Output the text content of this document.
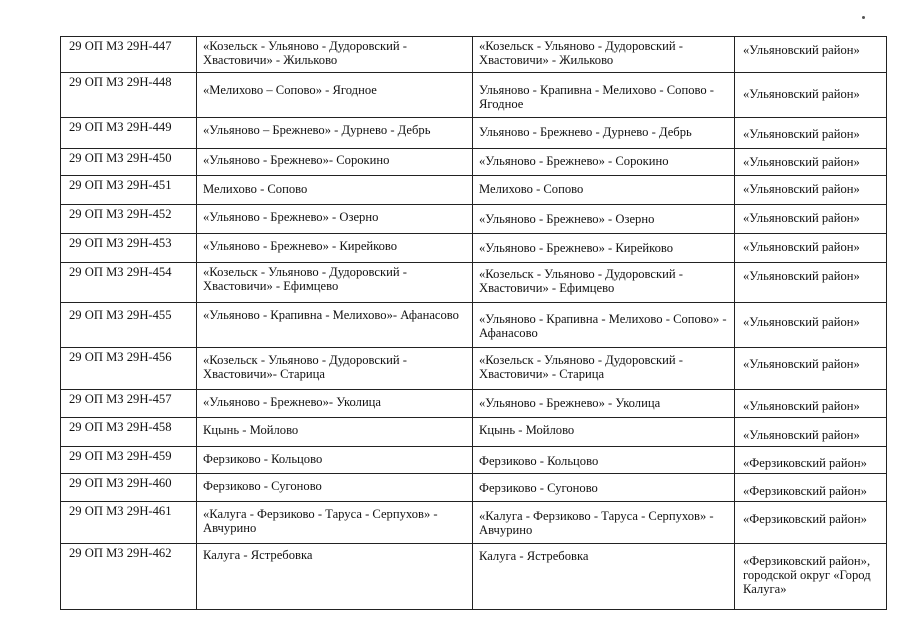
29 ОП МЗ 29Н-447	«Козельск - Ульяново - Дудоровский - Хвастовичи» - Жильково	«Козельск - Ульяново - Дудоровский - Хвастовичи» - Жильково	«Ульяновский район»
29 ОП МЗ 29Н-448	«Мелихово – Сопово» - Ягодное	Ульяново - Крапивна - Мелихово - Сопово - Ягодное	«Ульяновский район»
29 ОП МЗ 29Н-449	«Ульяново – Брежнево» - Дурнево - Дебрь	Ульяново - Брежнево - Дурнево - Дебрь	«Ульяновский район»
29 ОП МЗ 29Н-450	«Ульяново - Брежнево»- Сорокино	«Ульяново - Брежнево» - Сорокино	«Ульяновский район»
29 ОП МЗ 29Н-451	Мелихово - Сопово	Мелихово - Сопово	«Ульяновский район»
29 ОП МЗ 29Н-452	«Ульяново - Брежнево» - Озерно	«Ульяново - Брежнево» - Озерно	«Ульяновский район»
29 ОП МЗ 29Н-453	«Ульяново - Брежнево» - Кирейково	«Ульяново - Брежнево» - Кирейково	«Ульяновский район»
29 ОП МЗ 29Н-454	«Козельск - Ульяново - Дудоровский - Хвастовичи» - Ефимцево	«Козельск - Ульяново - Дудоровский - Хвастовичи» - Ефимцево	«Ульяновский район»
29 ОП МЗ 29Н-455	«Ульяново - Крапивна - Мелихово»- Афанасово	«Ульяново - Крапивна - Мелихово - Сопово» - Афанасово	«Ульяновский район»
29 ОП МЗ 29Н-456	«Козельск - Ульяново - Дудоровский - Хвастовичи»- Старица	«Козельск - Ульяново - Дудоровский - Хвастовичи» - Старица	«Ульяновский район»
29 ОП МЗ 29Н-457	«Ульяново - Брежнево»- Уколица	«Ульяново - Брежнево» - Уколица	«Ульяновский район»
29 ОП МЗ 29Н-458	Кцынь - Мойлово	Кцынь - Мойлово	«Ульяновский район»
29 ОП МЗ 29Н-459	Ферзиково - Кольцово	Ферзиково - Кольцово	«Ферзиковский район»
29 ОП МЗ 29Н-460	Ферзиково - Сугоново	Ферзиково - Сугоново	«Ферзиковский район»
29 ОП МЗ 29Н-461	«Калуга - Ферзиково - Таруса - Серпухов» - Авчурино	«Калуга - Ферзиково - Таруса - Серпухов» - Авчурино	«Ферзиковский район»
29 ОП МЗ 29Н-462	Калуга - Ястребовка	Калуга - Ястребовка	«Ферзиковский район», городской округ «Город Калуга»
